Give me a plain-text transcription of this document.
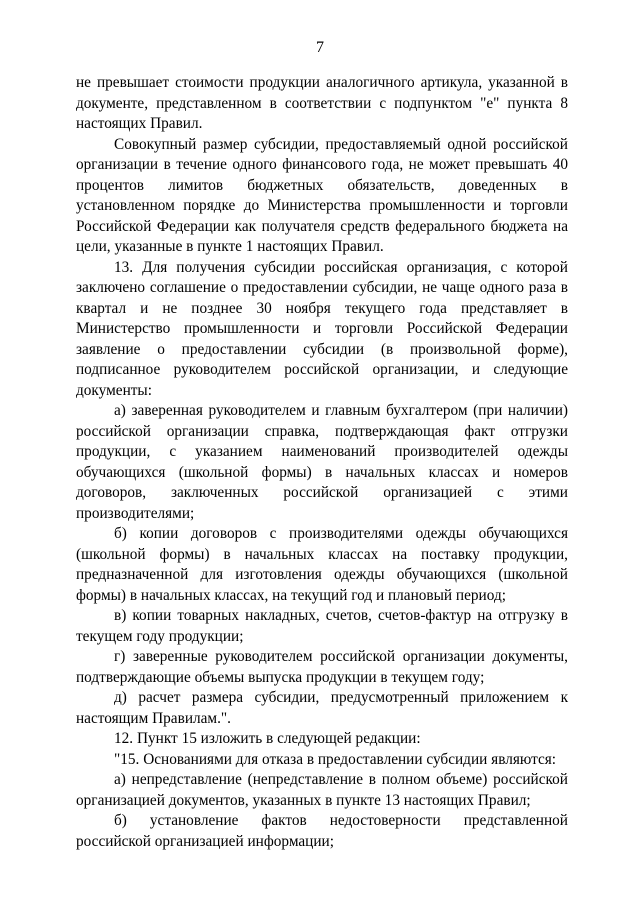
7

не превышает стоимости продукции аналогичного артикула, указанной в документе, представленном в соответствии с подпунктом "е" пункта 8 настоящих Правил.

Совокупный размер субсидии, предоставляемый одной российской организации в течение одного финансового года, не может превышать 40 процентов лимитов бюджетных обязательств, доведенных в установленном порядке до Министерства промышленности и торговли Российской Федерации как получателя средств федерального бюджета на цели, указанные в пункте 1 настоящих Правил.

13. Для получения субсидии российская организация, с которой заключено соглашение о предоставлении субсидии, не чаще одного раза в квартал и не позднее 30 ноября текущего года представляет в Министерство промышленности и торговли Российской Федерации заявление о предоставлении субсидии (в произвольной форме), подписанное руководителем российской организации, и следующие документы:

а) заверенная руководителем и главным бухгалтером (при наличии) российской организации справка, подтверждающая факт отгрузки продукции, с указанием наименований производителей одежды обучающихся (школьной формы) в начальных классах и номеров договоров, заключенных российской организацией с этими производителями;

б) копии договоров с производителями одежды обучающихся (школьной формы) в начальных классах на поставку продукции, предназначенной для изготовления одежды обучающихся (школьной формы) в начальных классах, на текущий год и плановый период;

в) копии товарных накладных, счетов, счетов-фактур на отгрузку в текущем году продукции;

г) заверенные руководителем российской организации документы, подтверждающие объемы выпуска продукции в текущем году;

д) расчет размера субсидии, предусмотренный приложением к настоящим Правилам.".

12. Пункт 15 изложить в следующей редакции:

"15. Основаниями для отказа в предоставлении субсидии являются:

а) непредставление (непредставление в полном объеме) российской организацией документов, указанных в пункте 13 настоящих Правил;

б) установление фактов недостоверности представленной российской организацией информации;
